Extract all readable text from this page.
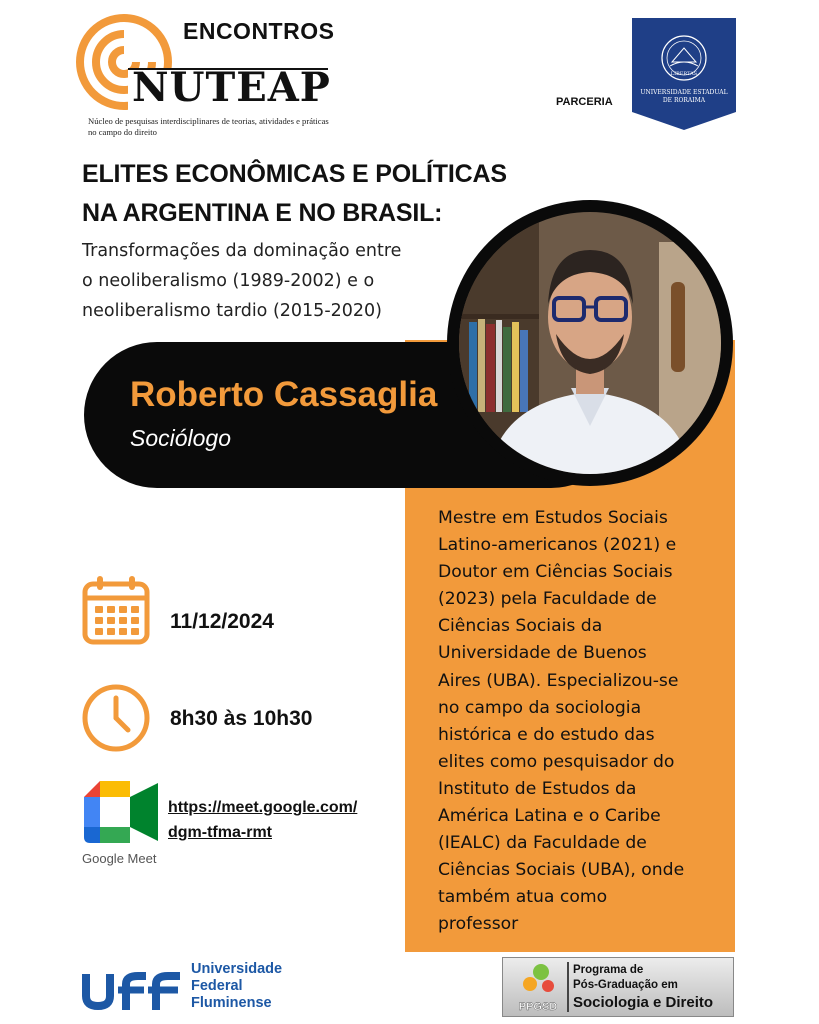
ENCONTROS
NUTEAP
Núcleo de pesquisas interdisciplinares de teorias, atividades e práticas no campo do direito
PARCERIA
LIBERTAS
UNIVERSIDADE ESTADUAL
DE RORAIMA
ELITES ECONÔMICAS E POLÍTICAS
NA ARGENTINA E NO BRASIL:
Transformações da dominação entre
o neoliberalismo (1989-2002) e o
neoliberalismo tardio (2015-2020)
Roberto Cassaglia
Sociólogo
Mestre em Estudos Sociais
Latino-americanos (2021) e
Doutor em Ciências Sociais
(2023) pela Faculdade de
Ciências Sociais da
Universidade de Buenos
Aires (UBA). Especializou-se
no campo da sociologia
histórica e do estudo das
elites como pesquisador do
Instituto de Estudos da
América Latina e o Caribe
(IEALC) da Faculdade de
Ciências Sociais (UBA), onde
também atua como
professor
11/12/2024
8h30 às 10h30
Google Meet
https://meet.google.com/
dgm-tfma-rmt
Universidade
Federal
Fluminense	PPGSD
Programa de
Pós-Graduação em
Sociologia e Direito
